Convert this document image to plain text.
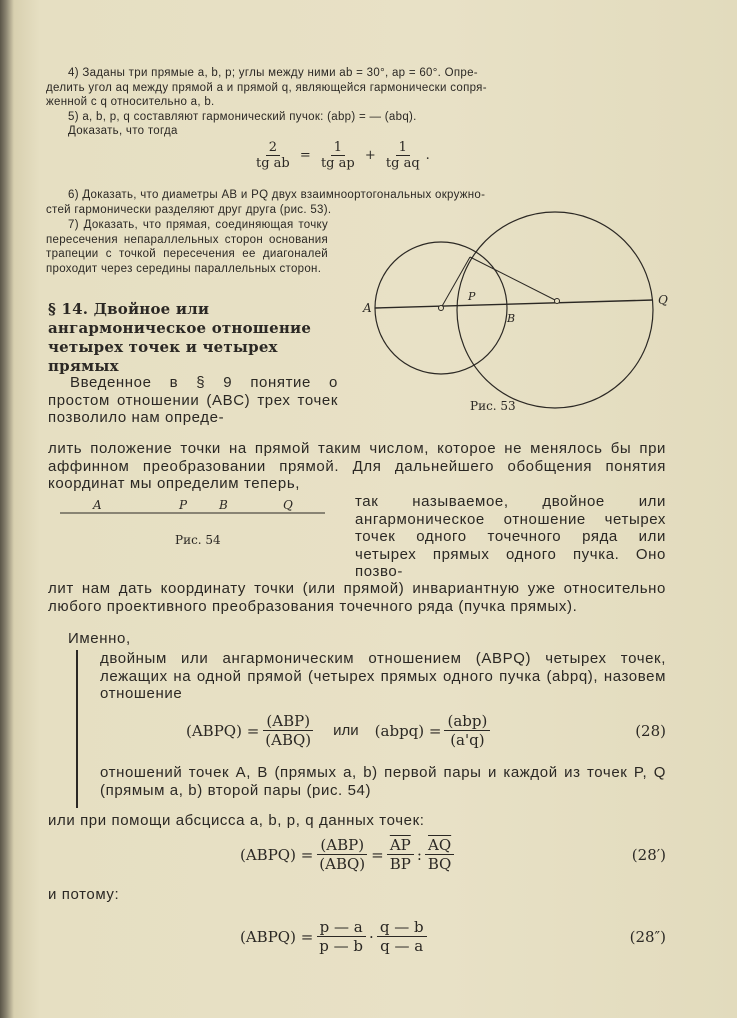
4) Заданы три прямые a, b, p; углы между ними ab = 30°, ap = 60°. Опре-
делить угол aq между прямой a и прямой q, являющейся гармонически сопря-
женной с q относительно a, b.
5) a, b, p, q составляют гармонический пучок: (abp) = — (abq).
Доказать, что тогда
$\frac{2}{\text{tg ab}} = \frac{1}{\text{tg ap}} + \frac{1}{\text{tg aq}}$ .
6) Доказать, что диаметры AB и PQ двух взаимноортогональных окружно-
стей гармонически разделяют друг друга (рис. 53).
7) Доказать, что прямая, соединяющая точку пересечения непараллельных сторон основания трапеции с точкой пересечения ее диагоналей проходит через середины параллельных сторон.
A
P
B
Q
Рис. 53
§ 14. Двойное или ангармоническое отношение четырех точек и четырех прямых
Введенное в § 9 понятие о простом отношении (ABC) трех точек позволило нам опреде-
лить положение точки на прямой таким числом, которое не менялось бы при аффинном преобразовании прямой. Для дальнейшего обобщения понятия координат мы определим теперь,
A	P	B	Q
Рис. 54
так называемое, двойное или ангармоническое отношение четырех точек одного точечного ряда или четырех прямых одного пучка. Оно позво-
лит нам дать координату точки (или прямой) инвариантную уже относительно любого проективного преобразования точечного ряда (пучка прямых).
Именно,
двойным или ангармоническим отношением (ABPQ) четырех точек, лежащих на одной прямой (четырех прямых одного пучка (abpq), назовем отношение
(ABPQ) = $\frac{\text{(ABP)}}{\text{(ABQ)}}$ или (abpq) = $\frac{\text{(abp)}}{(a'q)}$	(28)
отношений точек A, B (прямых a, b) первой пары и каждой из точек P, Q (прямым a, b) второй пары (рис. 54)
или при помощи абсцисса a, b, p, q данных точек:
(ABPQ) = $\frac{\text{(ABP)}}{\text{(ABQ)}} = \frac{\overline{AP}}{BP}$ : $\frac{\overline{AQ}}{BQ}$	(28′)
и потому:
(ABPQ) = $\frac{p — a}{p — b} \cdot \frac{q — b}{q — a}$	(28″)
